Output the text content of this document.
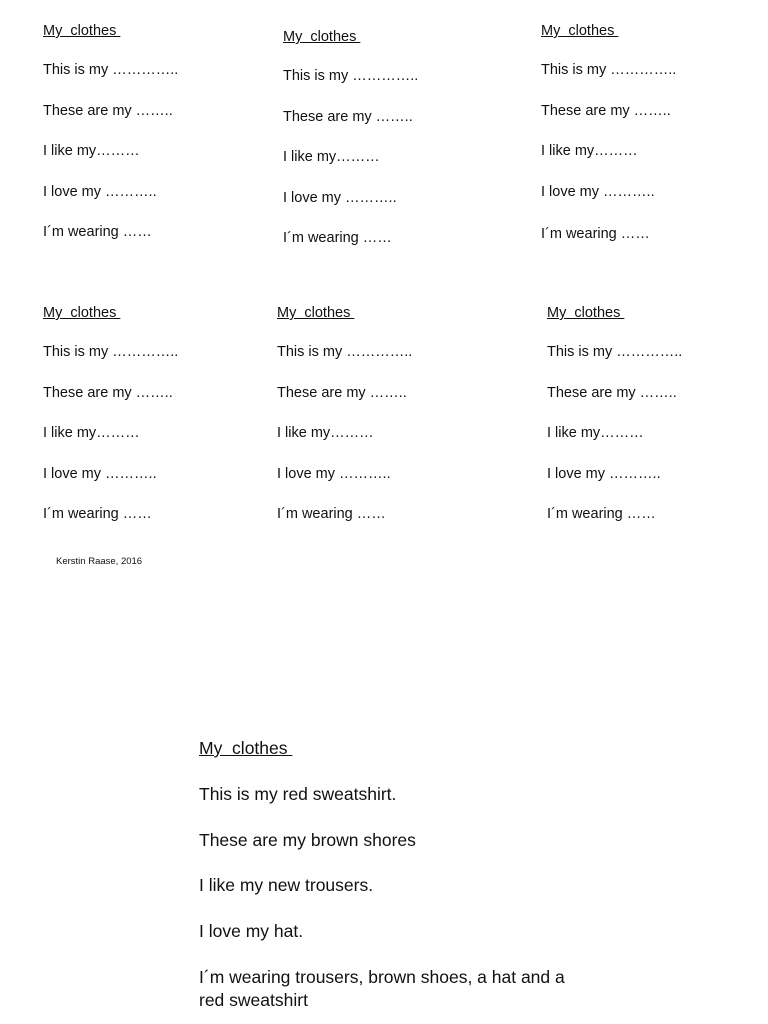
My  clothes

This is my …………..

These are my ……..

I like my………

I love my ………..

I´m wearing ……

My  clothes

This is my …………..

These are my ……..

I like my………

I love my ………..

I´m wearing ……

My  clothes

This is my …………..

These are my ……..

I like my………

I love my ………..

I´m wearing ……

My  clothes

This is my …………..

These are my ……..

I like my………

I love my ………..

I´m wearing ……

My  clothes

This is my …………..

These are my ……..

I like my………

I love my ………..

I´m wearing ……

My  clothes

This is my …………..

These are my ……..

I like my………

I love my ………..

I´m wearing ……

Kerstin Raase, 2016

My  clothes

This is my red sweatshirt.

These are my brown shores

I like my new trousers.

I love my hat.

I´m wearing trousers, brown shoes, a hat and a red sweatshirt
